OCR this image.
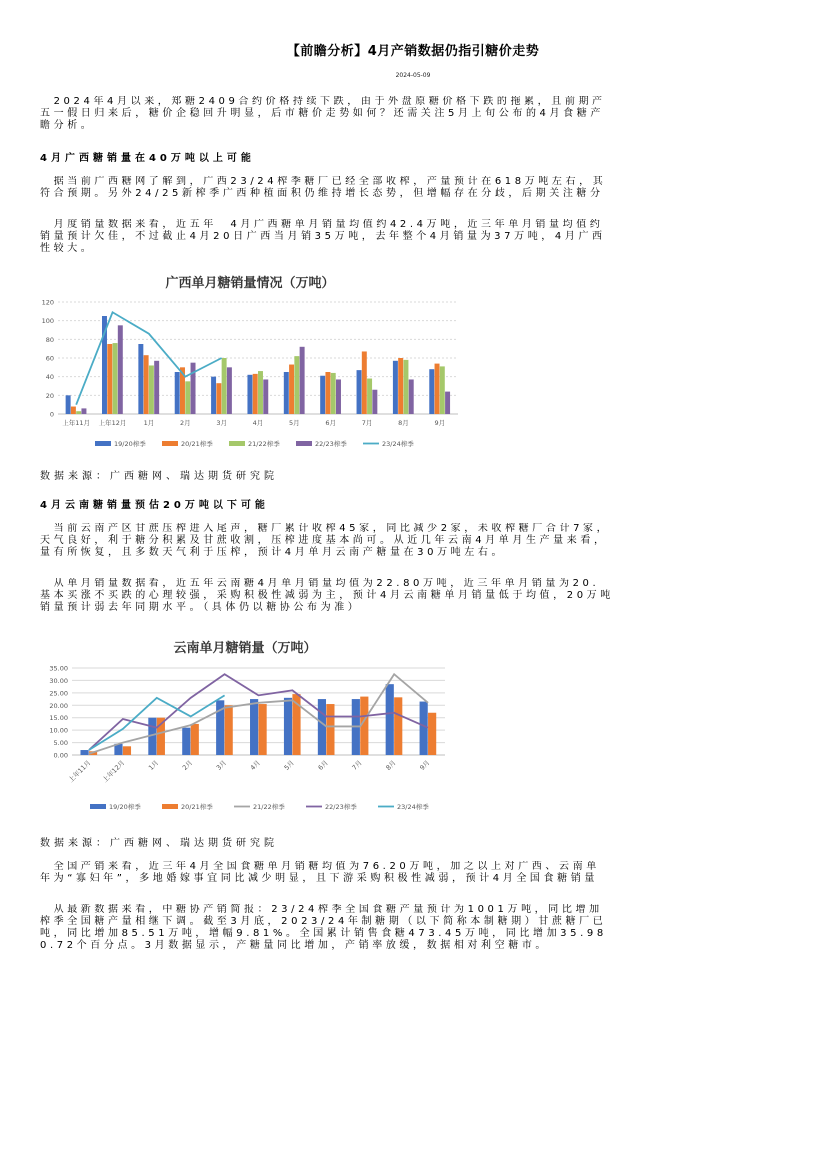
【前瞻分析】4月产销数据仍指引糖价走势
2024-05-09
　2024年4月以来，郑糖2409合约价格持续下跌，由于外盘原糖价格下跌的拖累，且前期产
五一假日归来后，糖价企稳回升明显，后市糖价走势如何？还需关注5月上旬公布的4月食糖产
瞻分析。
4月广西糖销量在40万吨以上可能
　据当前广西糖网了解到，广西23/24榨季糖厂已经全部收榨，产量预计在618万吨左右，其
符合预期。另外24/25新榨季广西种植面积仍维持增长态势，但增幅存在分歧，后期关注糖分
　月度销量数据来看，近五年　4月广西糖单月销量均值约42.4万吨，近三年单月销量均值约
销量预计欠佳，不过截止4月20日广西当月销35万吨，去年整个4月销量为37万吨，4月广西
性较大。
广西单月糖销量情况（万吨）
0
20
40
60
80
100
120
上年11月 上年12月	1月	2月	3月	4月	5月	6月	7月	8月	9月
19/20榨季	20/21榨季	21/22榨季	22/23榨季	23/24榨季
数据来源：广西糖网、瑞达期货研究院
4月云南糖销量预估20万吨以下可能
　当前云南产区甘蔗压榨进入尾声，糖厂累计收榨45家，同比减少2家，未收榨糖厂合计7家，
天气良好，利于糖分积累及甘蔗收割，压榨进度基本尚可。从近几年云南4月单月生产量来看，
量有所恢复，且多数天气利于压榨，预计4月单月云南产糖量在30万吨左右。
　从单月销量数据看，近五年云南糖4月单月销量均值为22.80万吨，近三年单月销量为20.
基本买涨不买跌的心理较强，采购积极性减弱为主，预计4月云南糖单月销量低于均值，20万吨
销量预计弱去年同期水平。（具体仍以糖协公布为准）
云南单月糖销量（万吨）
0.00
5.00
10.00
15.00
20.00
25.00
30.00
35.00
上年11月 上年12月	1月	2月	3月	4月	5月	6月	7月	8月	9月
19/20榨季	20/21榨季	21/22榨季	22/23榨季	23/24榨季
数据来源：广西糖网、瑞达期货研究院
　全国产销来看，近三年4月全国食糖单月销糖均值为76.20万吨，加之以上对广西、云南单
年为“寡妇年”，多地婚嫁事宜同比减少明显，且下游采购积极性减弱，预计4月全国食糖销量
　从最新数据来看，中糖协产销简报：23/24榨季全国食糖产量预计为1001万吨，同比增加
榨季全国糖产量相继下调。截至3月底，2023/24年制糖期（以下简称本制糖期）甘蔗糖厂已
吨，同比增加85.51万吨，增幅9.81%。全国累计销售食糖473.45万吨，同比增加35.98
0.72个百分点。3月数据显示，产糖量同比增加，产销率放缓，数据相对利空糖市。
